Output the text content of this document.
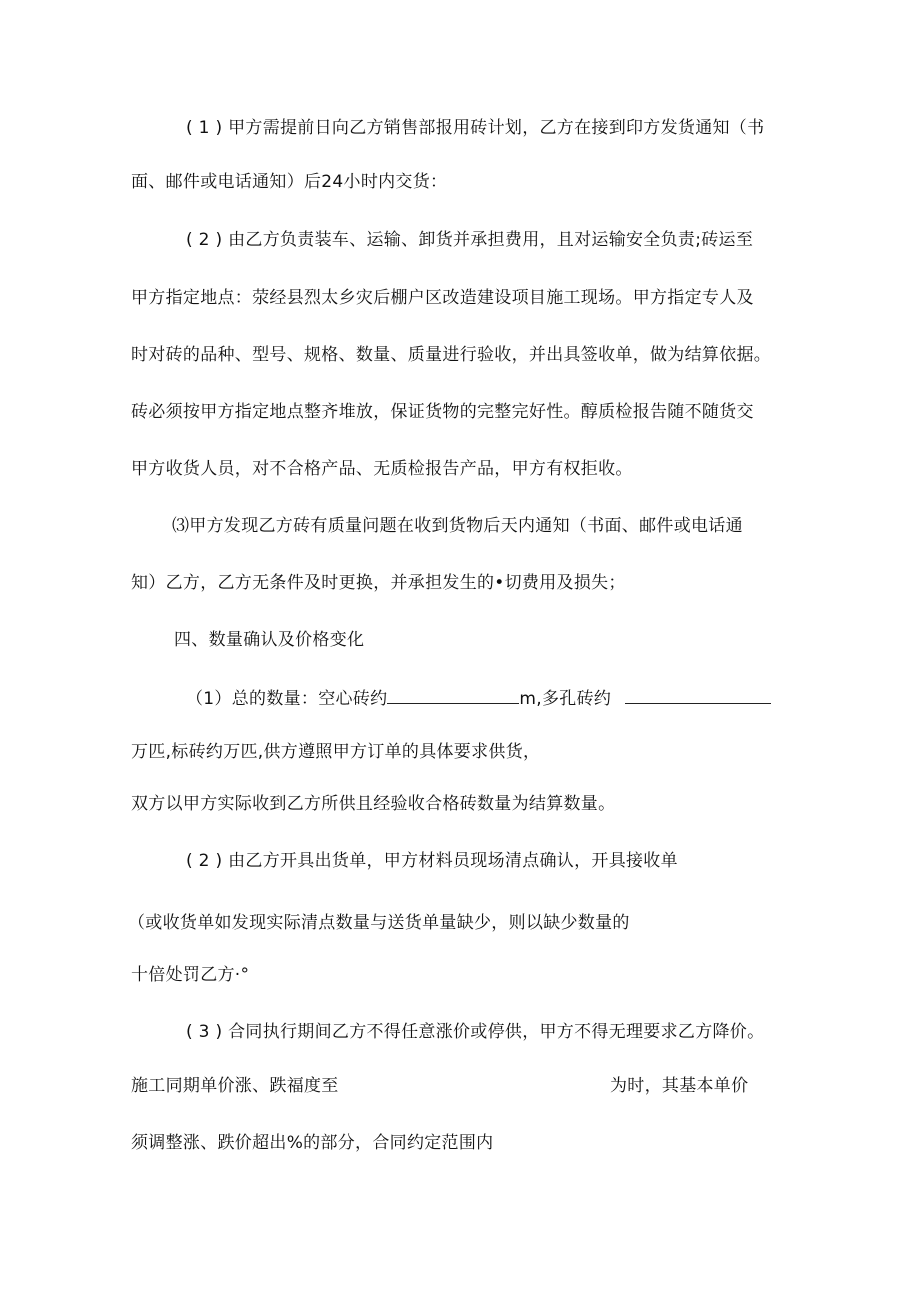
( 1 ) 甲方需提前日向乙方销售部报用砖计划，乙方在接到印方发货通知（书
面、邮件或电话通知）后24小时内交货：
( 2 ) 由乙方负责装车、运输、卸货并承担费用，且对运输安全负责;砖运至
甲方指定地点：荥经县烈太乡灾后棚户区改造建设项目施工现场。甲方指定专人及
时对砖的品种、型号、规格、数量、质量进行验收，并出具签收单，做为结算依据。
砖必须按甲方指定地点整齐堆放，保证货物的完整完好性。醇质检报告随不随货交
甲方收货人员，对不合格产品、无质检报告产品，甲方有权拒收。
⑶甲方发现乙方砖有质量问题在收到货物后天内通知（书面、邮件或电话通
知）乙方，乙方无条件及时更换，并承担发生的•切费用及损失；
四、数量确认及价格变化
（1）总的数量：空心砖约	m,多孔砖约
万匹,标砖约万匹,供方遵照甲方订单的具体要求供货，
双方以甲方实际收到乙方所供且经验收合格砖数量为结算数量。
( 2 ) 由乙方开具出货单，甲方材料员现场清点确认，开具接收单
（或收货单如发现实际清点数量与送货单量缺少，则以缺少数量的
十倍处罚乙方·°
( 3 ) 合同执行期间乙方不得任意涨价或停供，甲方不得无理要求乙方降价。
施工同期单价涨、跌福度至	为时，其基本单价
须调整涨、跌价超出%的部分，合同约定范围内
